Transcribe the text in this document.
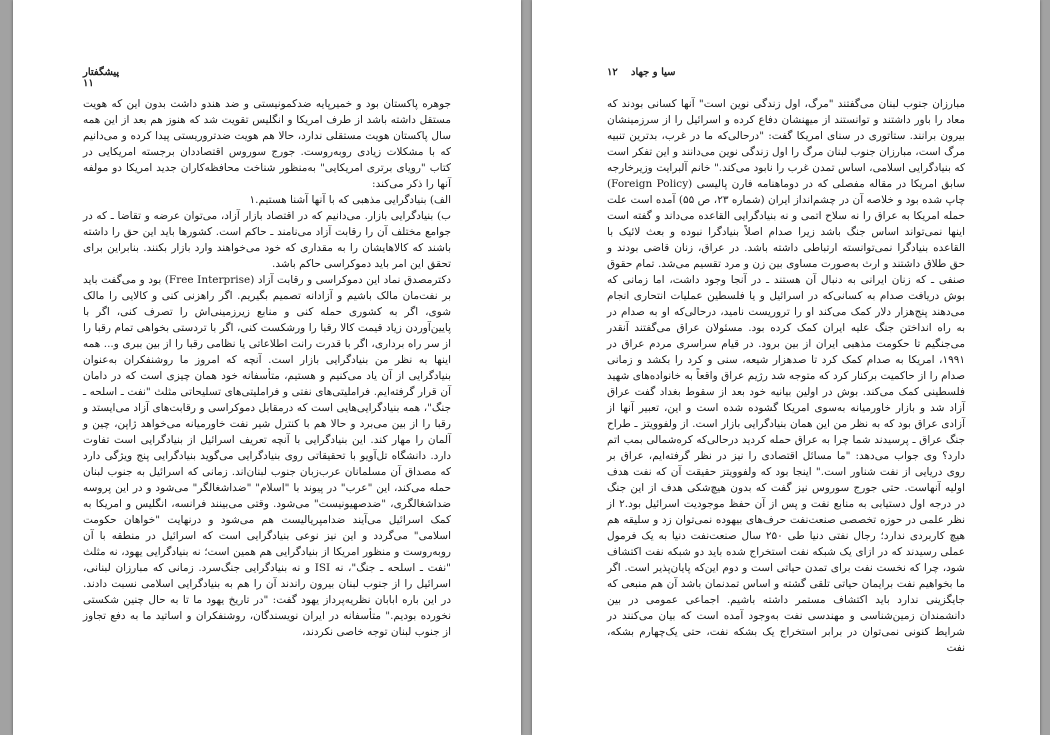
پیشگفتار ۱۱

جوهره پاکستان بود و خمیرپایه ضدکمونیستی و ضد هندو داشت بدون این که هویت مستقل داشته باشد از طرف امریکا و انگلیس تقویت شد که هنوز هم بعد از این همه سال پاکستان هویت مستقلی ندارد، حالا هم هویت ضدتروریستی پیدا کرده و می‌دانیم که با مشکلات زیادی روبه‌روست. جورج سوروس اقتصاددان برجسته امریکایی در کتاب "رویای برتری امریکایی" به‌منظور شناخت محافظه‌کاران جدید امریکا دو مولفه آنها را ذکر می‌کند:

الف) بنیادگرایی مذهبی که با آنها آشنا هستیم.۱

ب) بنیادگرایی بازار. می‌دانیم که در اقتصاد بازار آزاد، می‌توان عرضه و تقاضا ـ که در جوامع مختلف آن را رقابت آزاد می‌نامند ـ حاکم است. کشورها باید این حق را داشته باشند که کالاهایشان را به مقداری که خود می‌خواهند وارد بازار بکنند. بنابراین برای تحقق این امر باید دموکراسی حاکم باشد.

دکترمصدق نماد این دموکراسی و رقابت آزاد (Free Interprise) بود و می‌گفت باید بر نفت‌مان مالک باشیم و آزادانه تصمیم بگیریم. اگر راهزنی کنی و کالایی را مالک شوی، اگر به کشوری حمله کنی و منابع زیرزمینی‌اش را تصرف کنی، اگر با پایین‌آوردن زیاد قیمت کالا رقبا را ورشکست کنی، اگر با تردستی بخواهی تمام رقبا را از سر راه برداری، اگر با قدرت رانت اطلاعاتی یا نظامی رقبا را از بین ببری و... همه اینها به نظر من بنیادگرایی بازار است. آنچه که امروز ما روشنفکران به‌عنوان بنیادگرایی از آن یاد می‌کنیم و هستیم، متأسفانه خود همان چیزی است که در دامان آن قرار گرفته‌ایم. فراملیتی‌های نفتی و فراملیتی‌های تسلیحاتی مثلث "نفت ـ اسلحه ـ جنگ"، همه بنیادگرایی‌هایی است که درمقابل دموکراسی و رقابت‌های آزاد می‌ایستد و رقبا را از بین می‌برد و حالا هم با کنترل شیر نفت خاورمیانه می‌خواهد ژاپن، چین و آلمان را مهار کند. این بنیادگرایی با آنچه تعریف اسرائیل از بنیادگرایی است تفاوت دارد. دانشگاه تل‌آویو با تحقیقاتی روی بنیادگرایی می‌گوید بنیادگرایی پنج ویژگی دارد که مصداق آن مسلمانان عرب‌زبان جنوب لبنان‌اند. زمانی که اسرائیل به جنوب لبنان حمله می‌کند، این "عرب" در پیوند با "اسلام" "ضداشغالگر" می‌شود و در این پروسه ضداشغالگری، "ضدصهیونیست" می‌شود. وقتی می‌بینند فرانسه، انگلیس و امریکا به کمک اسرائیل می‌آیند ضدامپریالیست هم می‌شود و درنهایت "خواهان حکومت اسلامی" می‌گردد و این نیز نوعی بنیادگرایی است که اسرائیل در منطقه با آن روبه‌روست و منظور امریکا از بنیادگرایی هم همین است؛ نه بنیادگرایی یهود، نه مثلث "نفت ـ اسلحه ـ جنگ"، نه ISI و نه بنیادگرایی جنگ‌سرد. زمانی که مبارزان لبنانی، اسرائیل را از جنوب لبنان بیرون راندند آن را هم به بنیادگرایی اسلامی نسبت دادند. در این باره ابابان نظریه‌پرداز یهود گفت: "در تاریخ یهود ما تا به حال چنین شکستی نخورده بودیم." متأسفانه در ایران نویسندگان، روشنفکران و اساتید ما به دفع تجاوز از جنوب لبنان توجه خاصی نکردند،

۱۲ سیا و جهاد

مبارزان جنوب لبنان می‌گفتند "مرگ، اول زندگی نوین است" آنها کسانی بودند که معاد را باور داشتند و توانستند از میهنشان دفاع کرده و اسرائیل را از سرزمینشان بیرون برانند. ستاتوری در سنای امریکا گفت: "درحالی‌که ما در غرب، بدترین تنبیه مرگ است، مبارزان جنوب لبنان مرگ را اول زندگی نوین می‌دانند و این تفکر است که بنیادگرایی اسلامی، اساس تمدن غرب را نابود می‌کند." خانم آلبرایت وزیرخارجه سابق امریکا در مقاله مفصلی که در دوماهنامه فارن پالیسی (Foreign Policy) چاپ شده بود و خلاصه آن در چشم‌انداز ایران (شماره ۲۳، ص ۵۵) آمده است علت حمله امریکا به عراق را نه سلاح اتمی و نه بنیادگرایی القاعده می‌داند و گفته است اینها نمی‌تواند اساس جنگ باشد زیرا صدام اصلاً بنیادگرا نبوده و بعث لائیک با القاعده بنیادگرا نمی‌توانسته ارتباطی داشته باشد. در عراق، زنان قاضی بودند و حق طلاق داشتند و ارث به‌صورت مساوی بین زن و مرد تقسیم می‌شد. تمام حقوق صنفی ـ که زنان ایرانی به دنبال آن هستند ـ در آنجا وجود داشت، اما زمانی که بوش دریافت صدام به کسانی‌که در اسرائیل و یا فلسطین عملیات انتحاری انجام می‌دهند پنج‌هزار دلار کمک می‌کند او را تروریست نامید، درحالی‌که او به صدام در به راه انداختن جنگ علیه ایران کمک کرده بود. مسئولان عراق می‌گفتند آنقدر می‌جنگیم تا حکومت مذهبی ایران از بین برود. در قیام سراسری مردم عراق در ۱۹۹۱، امریکا به صدام کمک کرد تا صدهزار شیعه، سنی و کرد را بکشد و زمانی صدام را از حاکمیت برکنار کرد که متوجه شد رژیم عراق واقعاً به خانواده‌های شهید فلسطینی کمک می‌کند. بوش در اولین بیانیه خود بعد از سقوط بغداد گفت عراق آزاد شد و بازار خاورمیانه به‌سوی امریکا گشوده شده است و این، تعبیر آنها از آزادی عراق بود که به نظر من این همان بنیادگرایی بازار است. از ولفوویتز ـ طراح جنگ عراق ـ پرسیدند شما چرا به عراق حمله کردید درحالی‌که کره‌شمالی بمب اتم دارد؟ وی جواب می‌دهد: "ما مسائل اقتصادی را نیز در نظر گرفته‌ایم، عراق بر روی دریایی از نفت شناور است." اینجا بود که ولفوویتز حقیقت آن که نفت هدف اولیه آنهاست. حتی جورج سوروس نیز گفت که بدون هیچ‌شکی هدف از این جنگ در درجه اول دستیابی به منابع نفت و پس از آن حفظ موجودیت اسرائیل بود.۲ از نظر علمی در حوزه تخصصی صنعت‌نفت حرف‌های بیهوده نمی‌توان زد و سلیقه هم هیچ کاربردی ندارد؛ رجال نفتی دنیا طی ۲۵۰ سال صنعت‌نفت دنیا به یک فرمول عملی رسیدند که در ازای یک شبکه نفت استخراج شده باید دو شبکه نفت اکتشاف شود، چرا که نخست نفت برای تمدن حیاتی است و دوم این‌که پایان‌پذیر است. اگر ما بخواهیم نفت برایمان حیاتی تلقی گشته و اساس تمدنمان باشد آن هم منبعی که جایگزینی ندارد باید اکتشاف مستمر داشته باشیم. اجماعی عمومی در بین دانشمندان زمین‌شناسی و مهندسی نفت به‌وجود آمده است که بیان می‌کنند در شرایط کنونی نمی‌توان در برابر استخراج یک بشکه نفت، حتی یک‌چهارم بشکه، نفت
